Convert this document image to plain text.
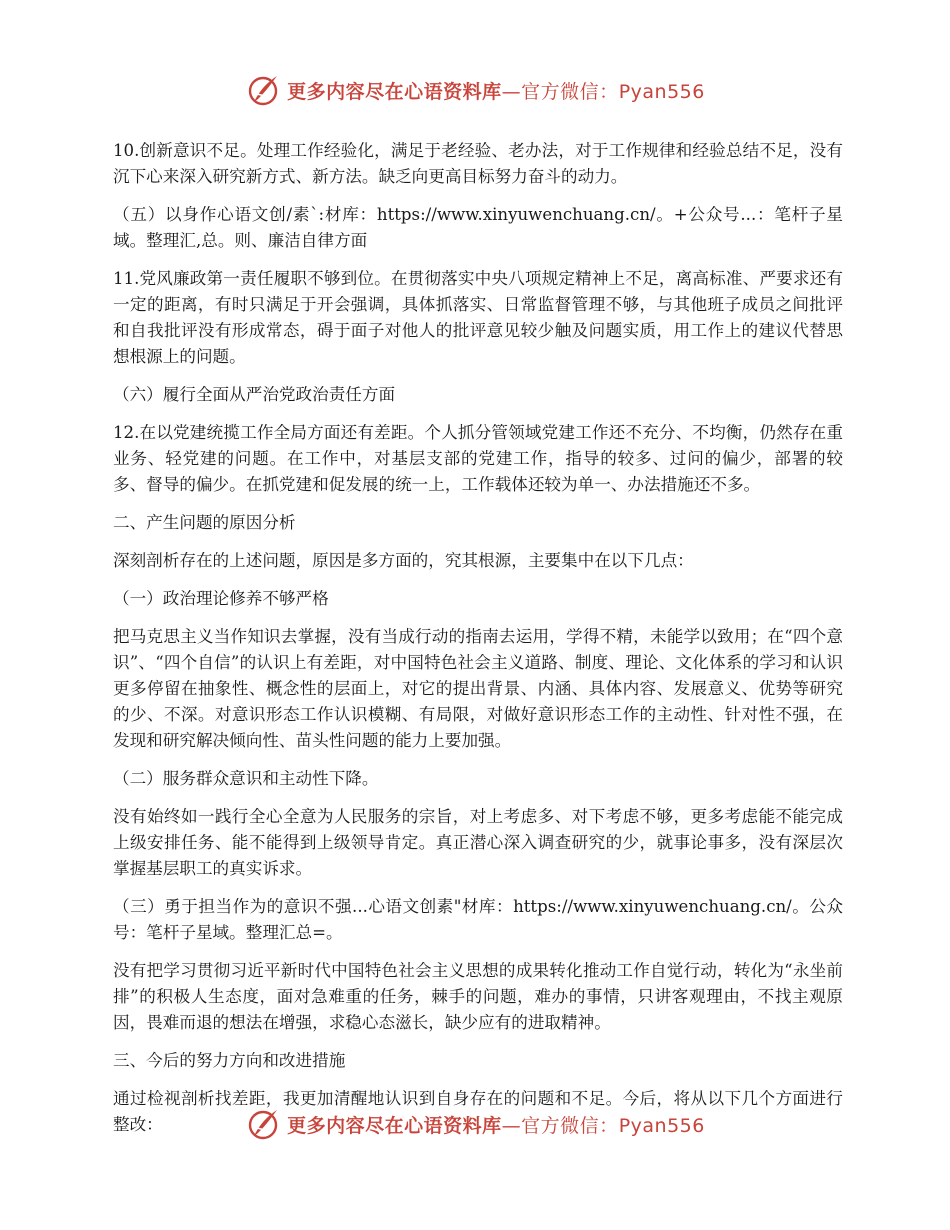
更多内容尽在心语资料库—官方微信：Pyan556

10.创新意识不足。处理工作经验化，满足于老经验、老办法，对于工作规律和经验总结不足，没有沉下心来深入研究新方式、新方法。缺乏向更高目标努力奋斗的动力。

（五）以身作心语文创/素`:材库：https://www.xinyuwenchuang.cn/。+公众号...：笔杆子星域。整理汇,总。则、廉洁自律方面

11.党风廉政第一责任履职不够到位。在贯彻落实中央八项规定精神上不足，离高标准、严要求还有一定的距离，有时只满足于开会强调，具体抓落实、日常监督管理不够，与其他班子成员之间批评和自我批评没有形成常态，碍于面子对他人的批评意见较少触及问题实质，用工作上的建议代替思想根源上的问题。

（六）履行全面从严治党政治责任方面

12.在以党建统揽工作全局方面还有差距。个人抓分管领域党建工作还不充分、不均衡，仍然存在重业务、轻党建的问题。在工作中，对基层支部的党建工作，指导的较多、过问的偏少，部署的较多、督导的偏少。在抓党建和促发展的统一上，工作载体还较为单一、办法措施还不多。

二、产生问题的原因分析

深刻剖析存在的上述问题，原因是多方面的，究其根源，主要集中在以下几点：

（一）政治理论修养不够严格

把马克思主义当作知识去掌握，没有当成行动的指南去运用，学得不精，未能学以致用；在“四个意识”、“四个自信”的认识上有差距，对中国特色社会主义道路、制度、理论、文化体系的学习和认识更多停留在抽象性、概念性的层面上，对它的提出背景、内涵、具体内容、发展意义、优势等研究的少、不深。对意识形态工作认识模糊、有局限，对做好意识形态工作的主动性、针对性不强，在发现和研究解决倾向性、苗头性问题的能力上要加强。

（二）服务群众意识和主动性下降。

没有始终如一践行全心全意为人民服务的宗旨，对上考虑多、对下考虑不够，更多考虑能不能完成上级安排任务、能不能得到上级领导肯定。真正潜心深入调查研究的少，就事论事多，没有深层次掌握基层职工的真实诉求。

（三）勇于担当作为的意识不强...心语文创素"材库：https://www.xinyuwenchuang.cn/。公众号：笔杆子星域。整理汇总=。

没有把学习贯彻习近平新时代中国特色社会主义思想的成果转化推动工作自觉行动，转化为“永坐前排”的积极人生态度，面对急难重的任务，棘手的问题，难办的事情，只讲客观理由，不找主观原因，畏难而退的想法在增强，求稳心态滋长，缺少应有的进取精神。

三、今后的努力方向和改进措施

通过检视剖析找差距，我更加清醒地认识到自身存在的问题和不足。今后，将从以下几个方面进行整改：	更多内容尽在心语资料库—官方微信：Pyan556
